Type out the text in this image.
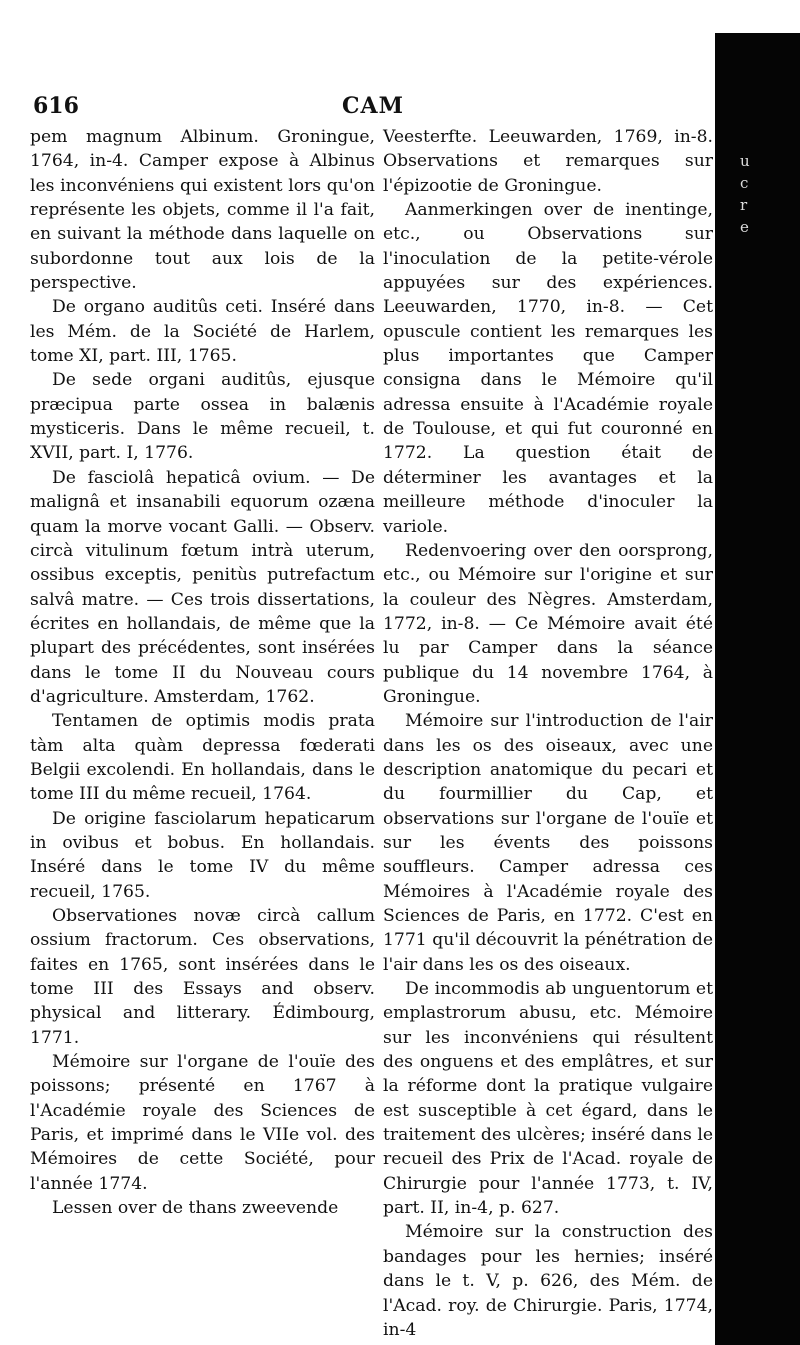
616	CAM

pem magnum Albinum. Groningue, 1764, in-4. Camper expose à Albinus les inconvéniens qui existent lors qu'on représente les objets, comme il l'a fait, en suivant la méthode dans laquelle on subordonne tout aux lois de la perspective.

De organo auditûs ceti. Inséré dans les Mém. de la Société de Harlem, tome XI, part. III, 1765.

De sede organi auditûs, ejusque præcipua parte ossea in balænis mysticeris. Dans le même recueil, t. XVII, part. I, 1776.

De fasciolâ hepaticâ ovium. — De malignâ et insanabili equorum ozæna quam la morve vocant Galli. — Observ. circà vitulinum fœtum intrà uterum, ossibus exceptis, penitùs putrefactum salvâ matre. — Ces trois dissertations, écrites en hollandais, de même que la plupart des précédentes, sont insérées dans le tome II du Nouveau cours d'agriculture. Amsterdam, 1762.

Tentamen de optimis modis prata tàm alta quàm depressa fœderati Belgii excolendi. En hollandais, dans le tome III du même recueil, 1764.

De origine fasciolarum hepaticarum in ovibus et bobus. En hollandais. Inséré dans le tome IV du même recueil, 1765.

Observationes novæ circà callum ossium fractorum. Ces observations, faites en 1765, sont insérées dans le tome III des Essays and observ. physical and litterary. Édimbourg, 1771.

Mémoire sur l'organe de l'ouïe des poissons; présenté en 1767 à l'Académie royale des Sciences de Paris, et imprimé dans le VIIe vol. des Mémoires de cette Société, pour l'année 1774.

Lessen over de thans zweevende

Veesterfte. Leeuwarden, 1769, in-8. Observations et remarques sur l'épizootie de Groningue.

Aanmerkingen over de inentinge, etc., ou Observations sur l'inoculation de la petite-vérole appuyées sur des expériences. Leeuwarden, 1770, in-8. — Cet opuscule contient les remarques les plus importantes que Camper consigna dans le Mémoire qu'il adressa ensuite à l'Académie royale de Toulouse, et qui fut couronné en 1772. La question était de déterminer les avantages et la meilleure méthode d'inoculer la variole.

Redenvoering over den oorsprong, etc., ou Mémoire sur l'origine et sur la couleur des Nègres. Amsterdam, 1772, in-8. — Ce Mémoire avait été lu par Camper dans la séance publique du 14 novembre 1764, à Groningue.

Mémoire sur l'introduction de l'air dans les os des oiseaux, avec une description anatomique du pecari et du fourmillier du Cap, et observations sur l'organe de l'ouïe et sur les évents des poissons souffleurs. Camper adressa ces Mémoires à l'Académie royale des Sciences de Paris, en 1772. C'est en 1771 qu'il découvrit la pénétration de l'air dans les os des oiseaux.

De incommodis ab unguentorum et emplastrorum abusu, etc. Mémoire sur les inconvéniens qui résultent des onguens et des emplâtres, et sur la réforme dont la pratique vulgaire est susceptible à cet égard, dans le traitement des ulcères; inséré dans le recueil des Prix de l'Acad. royale de Chirurgie pour l'année 1773, t. IV, part. II, in-4, p. 627.

Mémoire sur la construction des bandages pour les hernies; inséré dans le t. V, p. 626, des Mém. de l'Acad. roy. de Chirurgie. Paris, 1774, in-4

u
c
r
e
